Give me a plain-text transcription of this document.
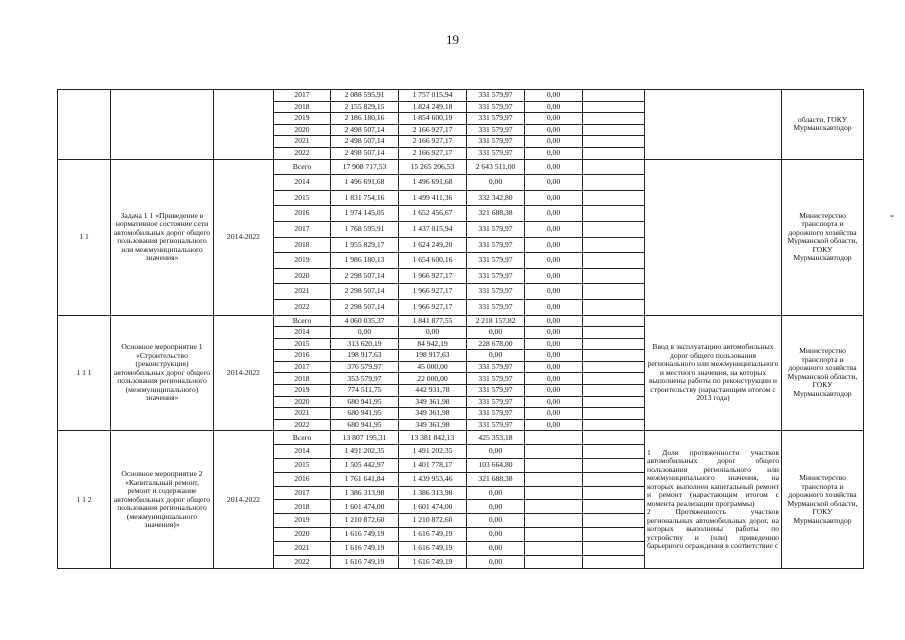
19
-
			2017	2 088 595,91	1 757 015,94	331 579,97	0,00			области, ГОКУ
Мурманскавтодор
			2018	2 155 829,15	1 824 249,18	331 579,97	0,00			
			2019	2 186 180,16	1 854 600,19	331 579,97	0,00			
			2020	2 498 507,14	2 166 927,17	331 579,97	0,00			
			2021	2 498 507,14	2 166 927,17	331 579,97	0,00			
			2022	2 498 507,14	2 166 927,17	331 579,97	0,00			
1 1	Задача 1 1 «Приведение в нормативное состояние сети автомобильных дорог общего пользования регионального или межмуниципального значения»	2014-2022	Всего	17 908 717,53	15 265 206,53	2 643 511,00	0,00			Министерство транспорта и дорожного хозяйства Мурманской области, ГОКУ Мурманскавтодор
			2014	1 496 691,68	1 496 691,68	0,00	0,00			
			2015	1 831 754,16	1 499 411,36	332 342,80	0,00			
			2016	1 974 145,05	1 652 456,67	321 688,38	0,00			
			2017	1 768 595,91	1 437 015,94	331 579,97	0,00			
			2018	1 955 829,17	1 624 249,20	331 579,97	0,00			
			2019	1 986 180,13	1 654 600,16	331 579,97	0,00			
			2020	2 298 507,14	1 966 927,17	331 579,97	0,00			
			2021	2 298 507,14	1 966 927,17	331 579,97	0,00			
			2022	2 298 507,14	1 966 927,17	331 579,97	0,00			
1 1 1	Основное мероприятие 1 «Строительство (реконструкция) автомобильных дорог общего пользования регионального (межмуниципального) значения»	2014-2022	Всего	4 060 035,37	1 841 877,55	2 218 157,82	0,00		Ввод в эксплуатацию автомобильных дорог общего пользования регионального или межмуниципального и местного значения, на которых выполнены работы по реконструкции и строительству (нарастающим итогом с 2013 года)	Министерство транспорта и дорожного хозяйства Мурманской области, ГОКУ Мурманскавтодор
			2014	0,00	0,00	0,00	0,00			
			2015	313 620,19	84 942,19	228 678,00	0,00			
			2016	198 917,63	198 917,63	0,00	0,00			
			2017	376 579,97	45 000,00	331 579,97	0,00			
			2018	353 579,97	22 000,00	331 579,97	0,00			
			2019	774 511,75	442 931,78	331 579,97	0,00			
			2020	680 941,95	349 361,98	331 579,97	0,00			
			2021	680 941,95	349 361,98	331 579,97	0,00			
			2022	680 941,95	349 361,98	331 579,97	0,00			
1 1 2	Основное мероприятие 2 «Капитальный ремонт, ремонт и содержание автомобильных дорог общего пользования регионального (межмуниципального значения)»	2014-2022	Всего	13 807 195,31	13 381 842,13	425 353,18			1 Доля протяженности участков автомобильных дорог общего пользования регионального или межмуниципального значения, на которых выполнен капитальный ремонт и ремонт (нарастающим итогом с момента реализации программы)
2 Протяженность участков региональных автомобильных дорог, на которых выполнены работы по устройству и (или) приведению барьерного ограждения в соответствие с	Министерство транспорта и дорожного хозяйства Мурманской области, ГОКУ Мурманскавтодор
			2014	1 491 202,35	1 491 202,35	0,00				
			2015	1 505 442,97	1 401 778,17	103 664,80				
			2016	1 761 641,84	1 439 953,46	321 688,38				
			2017	1 386 313,98	1 386 313,98	0,00				
			2018	1 601 474,00	1 601 474,00	0,00				
			2019	1 210 872,60	1 210 872,60	0,00				
			2020	1 616 749,19	1 616 749,19	0,00				
			2021	1 616 749,19	1 616 749,19	0,00				
			2022	1 616 749,19	1 616 749,19	0,00				
